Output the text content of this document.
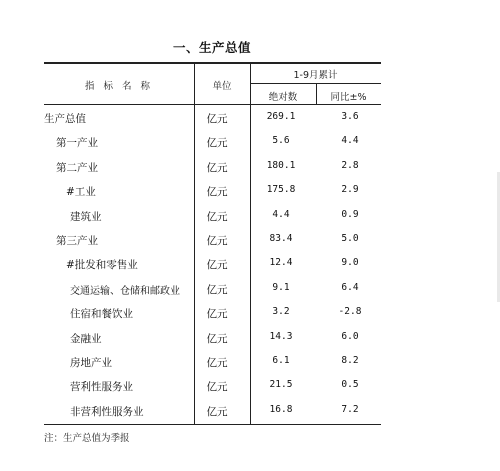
一、生产总值
指 标 名 称	单位
1-9月累计
绝对数	同比±%
生产总值	亿元	269.1	3.6
第一产业	亿元	5.6	4.4
第二产业	亿元	180.1	2.8
#工业	亿元	175.8	2.9
建筑业	亿元	4.4	0.9
第三产业	亿元	83.4	5.0
#批发和零售业	亿元	12.4	9.0
交通运输、仓储和邮政业	亿元	9.1	6.4
住宿和餐饮业	亿元	3.2	-2.8
金融业	亿元	14.3	6.0
房地产业	亿元	6.1	8.2
营利性服务业	亿元	21.5	0.5
非营利性服务业	亿元	16.8	7.2
注：生产总值为季报
